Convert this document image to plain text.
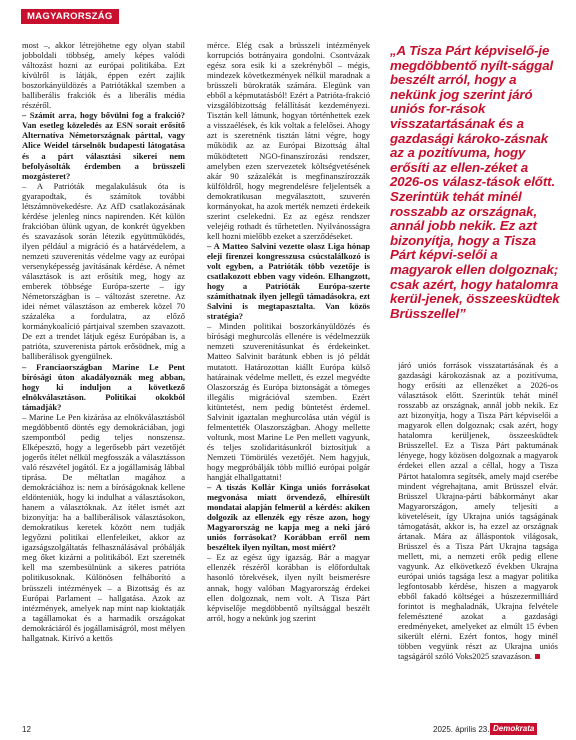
MAGYARORSZÁG

most –, akkor létrejöhetne egy olyan stabil jobboldali többség, amely képes valódi változást hozni az európai politikába. Ezt kívülről is látják, éppen ezért zajlik boszorkányüldözés a Patriótákkal szemben a balliberális frakciók és a liberális média részéről.

– Számít arra, hogy bővülni fog a frakció? Van esetleg közeledés az ESN sorait erősítő Alternatíva Németországnak párttal, vagy Alice Weidel társelnök budapesti látogatása és a párt választási sikerei nem befolyásolták érdemben a brüsszeli mozgásteret?

– A Patrióták megalakulásuk óta is gyarapodtak, és számítok további létszámnövekedésre. Az AfD csatlakozásának kérdése jelenleg nincs napirenden. Két külön frakcióban ülünk ugyan, de konkrét ügyekben és szavazások során létezik együttműködés, ilyen például a migráció és a határvédelem, a nemzeti szuverenitás védelme vagy az európai versenyképesség javításának kérdése. A német választások is azt erősítik meg, hogy az emberek többsége Európa-szerte – így Németországban is – változást szeretne. Az idei német választáson az emberek közel 70 százaléka a fordulatra, az előző kormánykoalíció pártjaival szemben szavazott. De ezt a trendet látjuk egész Európában is, a patrióta, szuverenista pártok erősödnek, míg a balliberálisok gyengülnek.

– Franciaországban Marine Le Pent bírósági úton akadályoznák meg abban, hogy ki induljon a következő elnökválasztáson. Politikai okokból támadják?

– Marine Le Pen kizárása az elnökválasztásból megdöbbentő döntés egy demokráciában, jogi szempontból pedig teljes nonszensz. Elképesztő, hogy a legerősebb párt vezetőjét jogerős ítélet nélkül megfosszák a választásson való részvétel jogától. Ez a jogállamiság lábbal tiprása. De méltatlan magához a demokráciához is: nem a bíróságoknak kellene eldönteniük, hogy ki indulhat a választásokon, hanem a választóknak. Az ítélet ismét azt bizonyítja: ha a balliberálisok választásokon, demokratikus keretek között nem tudják legyőzni politikai ellenfeleiket, akkor az igazságszolgáltatás felhasználásával próbálják meg őket kizárni a politikából. Ezt szeretnék kell ma szembesülnünk a sikeres patrióta politikusoknak. Különösen felháborító a brüsszeli intézmények – a Bizottság és az Európai Parlament – hallgatása. Azok az intézmények, amelyek nap mint nap kioktatják a tagállamokat és a harmadik országokat demokráciáról és jogállamiságról, most mélyen hallgatnak. Kirívó a kettős

mérce. Elég csak a brüsszeli intézmények korrupciós botrányaira gondolni. Csontvázak egész sora esik ki a szekrényből – mégis, mindezek következmények nélkül maradnak a brüsszeli bürokraták számára. Elegünk van ebből a képmutatásból! Ezért a Patrióta-frakció vizsgálóbizottság felállítását kezdeményezi. Tisztán kell látnunk, hogyan történhettek ezek a visszaélések, és kik voltak a felelősei. Ahogy azt is szeretnénk tisztán látni végre, hogy működik az az Európai Bizottság által működtetett NGO-finanszírozási rendszer, amelyben ezen szervezetek költségvetésének akár 90 százalékát is megfinanszírozzák külföldről, hogy megrendelésre feljelentsék a demokratikusan megválasztott, szuverén kormányokat, ha azok merték nemzeti érdekeik szerint cselekedni. Ez az egész rendszer velejéig rothadt és tűrhetetlen. Nyilvánosságra kell hozni mielőbb ezeket a szerződéseket.

– A Matteo Salvini vezette olasz Liga hónap eleji firenzei kongresszusa csúcstalálkozó is volt egyben, a Patrióták több vezetője is csatlakozott ebben vagy videón. Elhangzott, hogy a Patrióták Európa-szerte számíthatnak ilyen jellegű támadásokra, ezt Salvini is megtapasztalta. Van közös stratégia?

– Minden politikai boszorkányüldözés és bírósági meghurcolás ellenére is védelmezzük nemzeti szuverenitásunkat és érdekeinket. Matteo Salvinit barátunk ebben is jó példát mutatott. Határozottan kiállt Európa külső határainak védelme mellett, és ezzel megvédte Olaszország és Európa biztonságát a tömeges illegális migrációval szemben. Ezért kitüntetést, nem pedig büntetést érdemel. Salvinit igaztalan meghurcolása után végül is felmentették Olaszországban. Ahogy mellette voltunk, most Marine Le Pen mellett vagyunk, és teljes szolidaritásunkról biztosítjuk a Nemzeti Tömörülés vezetőjét. Nem hagyjuk, hogy megpróbálják több millió európai polgár hangját elhallgattatni!

– A tiszás Kollár Kinga uniós forrásokat megvonása miatt örvendező, elhíresült mondatai alapján felmerül a kérdés: akiken dolgozik az ellenzék egy része azon, hogy Magyarország ne kapja meg a neki járó uniós forrásokat? Korábban erről nem beszéltek ilyen nyíltan, most miért?

– Ez az egész úgy igazság. Bár a magyar ellenzék részéről korábban is előfordultak hasonló törekvések, ilyen nyílt beismerésre annak, hogy valóban Magyarország érdekei ellen dolgoznak, nem volt. A Tisza Párt képviselője megdöbbentő nyíltsággal beszélt arról, hogy a nekünk jog szerint

„A Tisza Párt képviselő-je megdöbbentő nyílt-sággal beszélt arról, hogy a nekünk jog szerint járó uniós for-rások visszatartásának és a gazdasági károko-zásnak az a pozitívuma, hogy erősíti az ellen-zéket a 2026-os válasz-tások előtt. Szerintük tehát minél rosszabb az országnak, annál jobb nekik. Ez azt bizonyítja, hogy a Tisza Párt képvi-selői a magyarok ellen dolgoznak; csak azért, hogy hatalomra kerül-jenek, összeesküdtek Brüsszellel”

járó uniós források visszatartásának és a gazdasági károkozásnak az a pozitívuma, hogy erősíti az ellenzéket a 2026-os választások előtt. Szerintük tehát minél rosszabb az országnak, annál jobb nekik. Ez azt bizonyítja, hogy a Tisza Párt képviselői a magyarok ellen dolgoznak; csak azért, hogy hatalomra kerüljenek, összeesküdtek Brüsszellel. Ez a Tisza Párt paktumának lényege, hogy közösen dolgoznak a magyarok érdekei ellen azzal a céllal, hogy a Tisza Pártot hatalomra segítsék, amely majd cserébe mindent végrehajtana, amit Brüsszel elvár. Brüsszel Ukrajna-párti bábkormányt akar Magyarországon, amely teljesíti a követeléseit, így Ukrajna uniós tagságának támogatását, akkor is, ha ezzel az országnak ártanak. Mára az álláspontok világosak, Brüsszel és a Tisza Párt Ukrajna tagsága mellett, mi, a nemzeti erők pedig ellene vagyunk. Az elkövetkező években Ukrajna európai uniós tagsága lesz a magyar politika legfontosabb kérdése, hiszen a magyarok ebből fakadó költségei a húszezermilliárd forintot is meghaladnák, Ukrajna felvétele felemésztené azokat a gazdasági eredményeket, amelyeket az elmúlt 15 évben sikerült elérni. Ezért fontos, hogy minél többen vegyünk részt az Ukrajna uniós tagságáról szóló Voks2025 szavazáson.

12	2025. április 23. Demokrata
